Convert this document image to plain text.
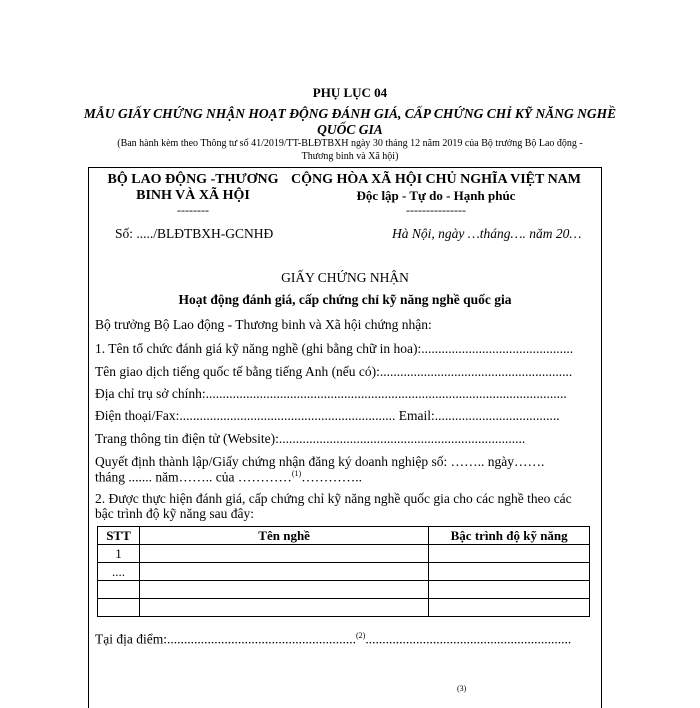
PHỤ LỤC 04
MẪU GIẤY CHỨNG NHẬN HOẠT ĐỘNG ĐÁNH GIÁ, CẤP CHỨNG CHỈ KỸ NĂNG NGHỀ
QUỐC GIA
(Ban hành kèm theo Thông tư số 41/2019/TT-BLĐTBXH ngày 30 tháng 12 năm 2019 của Bộ trưởng Bộ Lao động -
Thương binh và Xã hội)
BỘ LAO ĐỘNG -THƯƠNG
BINH VÀ XÃ HỘI
--------
CỘNG HÒA XÃ HỘI CHỦ NGHĨA VIỆT NAM
Độc lập - Tự do - Hạnh phúc
---------------
Số: ...../BLĐTBXH-GCNHĐ	Hà Nội, ngày …tháng…. năm 20…
GIẤY CHỨNG NHẬN
Hoạt động đánh giá, cấp chứng chỉ kỹ năng nghề quốc gia
Bộ trưởng Bộ Lao động - Thương binh và Xã hội chứng nhận:
1. Tên tổ chức đánh giá kỹ năng nghề (ghi bằng chữ in hoa):.............................................
Tên giao dịch tiếng quốc tế bằng tiếng Anh (nếu có):.........................................................
Địa chỉ trụ sở chính:...........................................................................................................
Điện thoại/Fax:................................................................ Email:.....................................
Trang thông tin điện tử (Website):.........................................................................
Quyết định thành lập/Giấy chứng nhận đăng ký doanh nghiệp số: …….. ngày…….
tháng ....... năm…….. của …………$^{(1)}$…………..
2. Được thực hiện đánh giá, cấp chứng chỉ kỹ năng nghề quốc gia cho các nghề theo các
bậc trình độ kỹ năng sau đây:
STT	Tên nghề	Bậc trình độ kỹ năng
1		
....		

Tại địa điểm:........................................................$^{(2)}$.............................................................
(3)
